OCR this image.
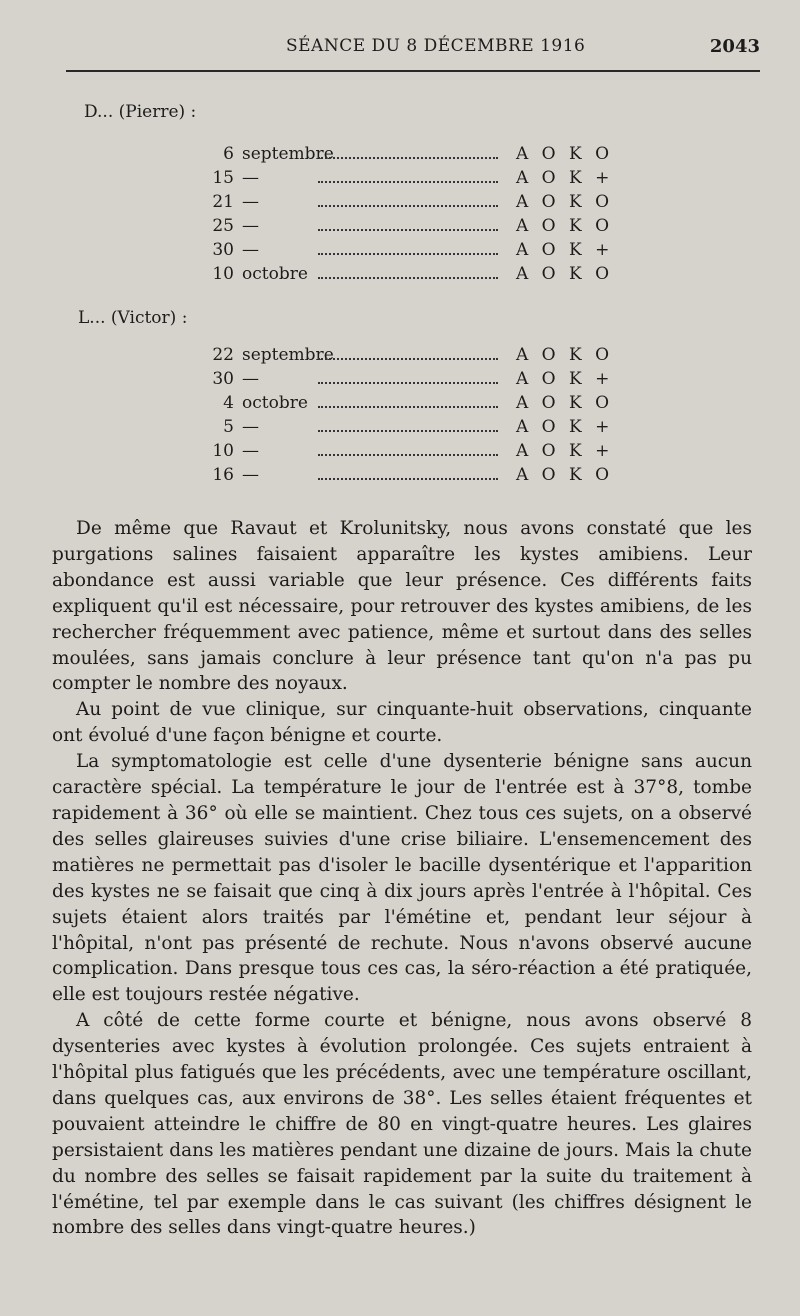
SÉANCE DU 8 DÉCEMBRE 1916	2043
D... (Pierre) :
6 septembre	A O K O
15 —	A O K +
21 —	A O K O
25 —	A O K O
30 —	A O K +
10 octobre	A O K O
L... (Victor) :
22 septembre	A O K O
30 —	A O K +
4 octobre	A O K O
5 —	A O K +
10 —	A O K +
16 —	A O K O

De même que Ravaut et Krolunitsky, nous avons constaté que les purgations salines faisaient apparaître les kystes amibiens. Leur abondance est aussi variable que leur présence. Ces différents faits expliquent qu'il est nécessaire, pour retrouver des kystes amibiens, de les rechercher fréquemment avec patience, même et surtout dans des selles moulées, sans jamais conclure à leur présence tant qu'on n'a pas pu compter le nombre des noyaux.

Au point de vue clinique, sur cinquante-huit observations, cinquante ont évolué d'une façon bénigne et courte.

La symptomatologie est celle d'une dysenterie bénigne sans aucun caractère spécial. La température le jour de l'entrée est à 37°8, tombe rapidement à 36° où elle se maintient. Chez tous ces sujets, on a observé des selles glaireuses suivies d'une crise biliaire. L'ensemencement des matières ne permettait pas d'isoler le bacille dysentérique et l'apparition des kystes ne se faisait que cinq à dix jours après l'entrée à l'hôpital. Ces sujets étaient alors traités par l'émétine et, pendant leur séjour à l'hôpital, n'ont pas présenté de rechute. Nous n'avons observé aucune complication. Dans presque tous ces cas, la séro-réaction a été pratiquée, elle est toujours restée négative.

A côté de cette forme courte et bénigne, nous avons observé 8 dysenteries avec kystes à évolution prolongée. Ces sujets entraient à l'hôpital plus fatigués que les précédents, avec une température oscillant, dans quelques cas, aux environs de 38°. Les selles étaient fréquentes et pouvaient atteindre le chiffre de 80 en vingt-quatre heures. Les glaires persistaient dans les matières pendant une dizaine de jours. Mais la chute du nombre des selles se faisait rapidement par la suite du traitement à l'émétine, tel par exemple dans le cas suivant (les chiffres désignent le nombre des selles dans vingt-quatre heures.)
